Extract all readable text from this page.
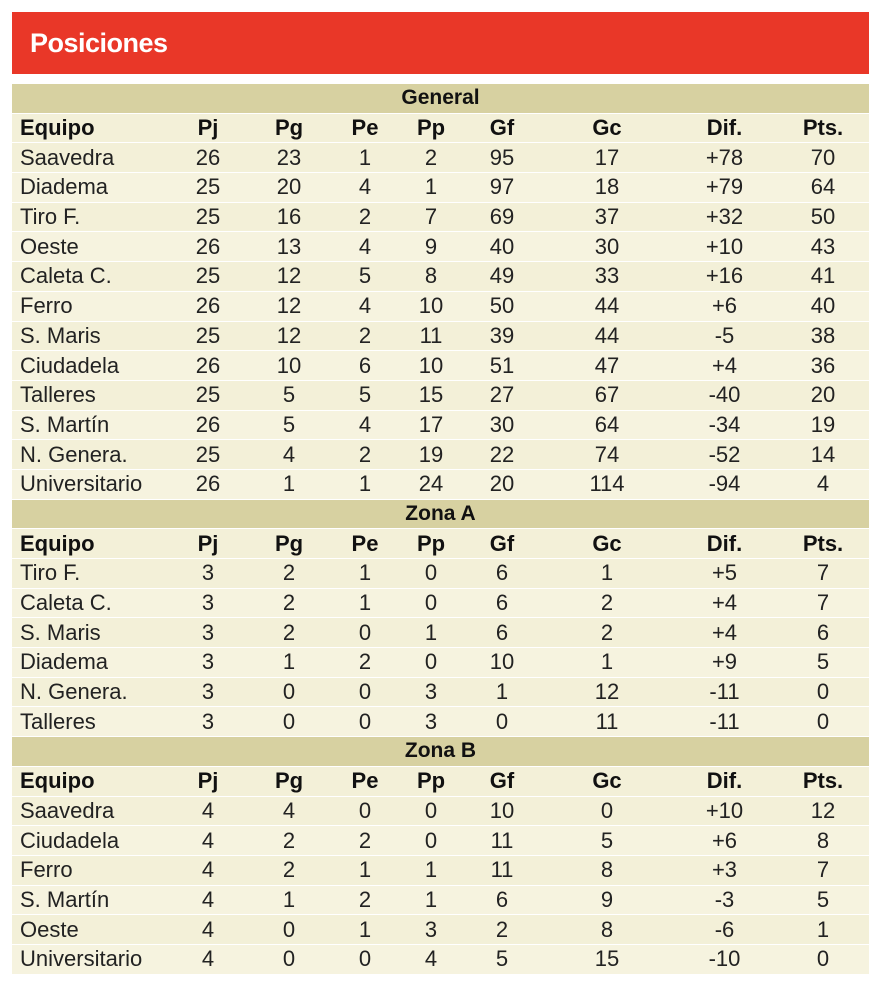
Posiciones
General
Equipo	Pj	Pg	Pe	Pp	Gf	Gc	Dif.	Pts.
Saavedra	26	23	1	2	95	17	+78	70
Diadema	25	20	4	1	97	18	+79	64
Tiro F.	25	16	2	7	69	37	+32	50
Oeste	26	13	4	9	40	30	+10	43
Caleta C.	25	12	5	8	49	33	+16	41
Ferro	26	12	4	10	50	44	+6	40
S. Maris	25	12	2	11	39	44	-5	38
Ciudadela	26	10	6	10	51	47	+4	36
Talleres	25	5	5	15	27	67	-40	20
S. Martín	26	5	4	17	30	64	-34	19
N. Genera.	25	4	2	19	22	74	-52	14
Universitario	26	1	1	24	20	114	-94	4
Zona A
Equipo	Pj	Pg	Pe	Pp	Gf	Gc	Dif.	Pts.
Tiro F.	3	2	1	0	6	1	+5	7
Caleta C.	3	2	1	0	6	2	+4	7
S. Maris	3	2	0	1	6	2	+4	6
Diadema	3	1	2	0	10	1	+9	5
N. Genera.	3	0	0	3	1	12	-11	0
Talleres	3	0	0	3	0	11	-11	0
Zona B
Equipo	Pj	Pg	Pe	Pp	Gf	Gc	Dif.	Pts.
Saavedra	4	4	0	0	10	0	+10	12
Ciudadela	4	2	2	0	11	5	+6	8
Ferro	4	2	1	1	11	8	+3	7
S. Martín	4	1	2	1	6	9	-3	5
Oeste	4	0	1	3	2	8	-6	1
Universitario	4	0	0	4	5	15	-10	0
